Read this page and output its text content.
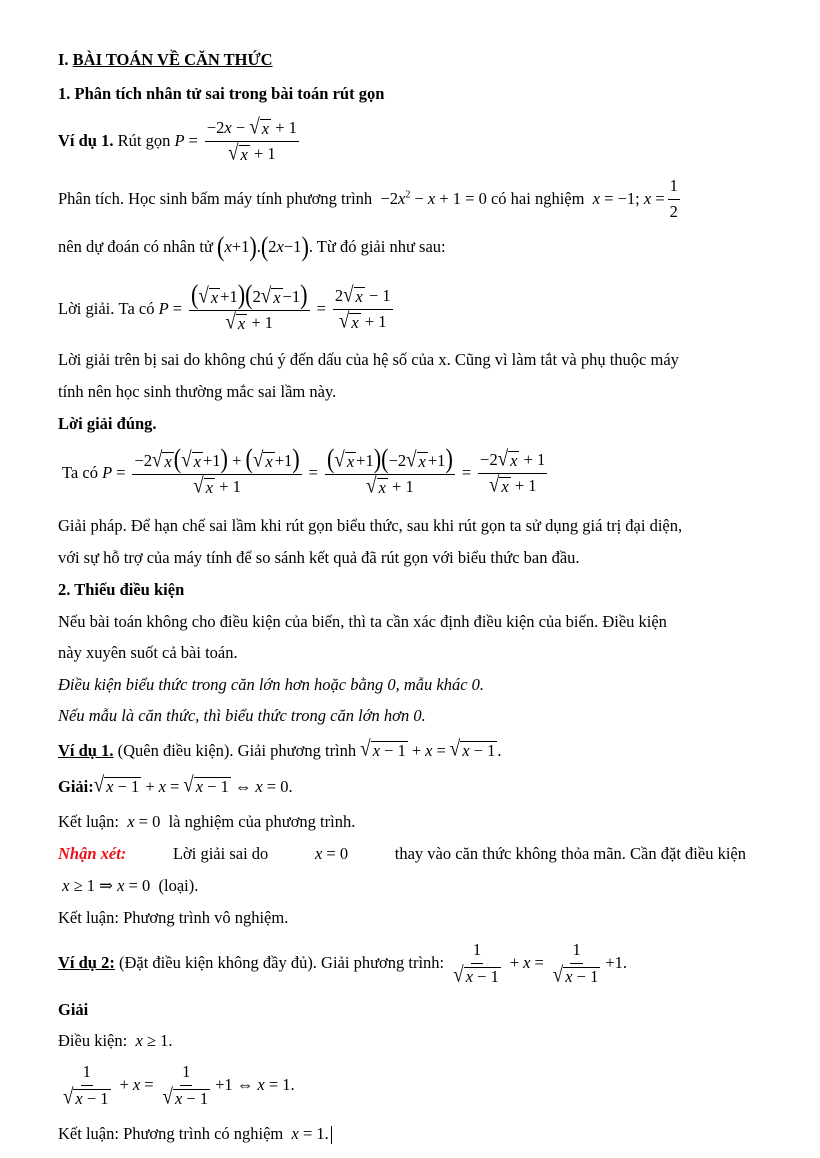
I. BÀI TOÁN VỀ CĂN THỨC
1. Phân tích nhân tử sai trong bài toán rút gọn
Ví dụ 1.
Rút gọn
$P = \frac{-2x - √ x + 1}{√ x + 1}$
Phân tích. Học sinh bấm máy tính phương trình
$-2x^2 - x + 1 = 0$
có hai nghiệm
x = −1; $x = \frac{1}{2}$
nên dự đoán có nhân tử
( x +1 ) . ( 2 x −1 ) . Từ đó giải như sau:
Lời giải.
Ta có
$P = \frac{( √ x +1)(2 √ x -1)}{√ x + 1} = \frac{2 √ x - 1}{√ x + 1}$
Lời giải trên bị sai do không chú ý đến dấu của hệ số của x. Cũng vì làm tắt và phụ thuộc máy
tính nên học sinh thường mắc sai lầm này.
Lời giải đúng.
Ta có
$P = \frac{-2 √ x ( √ x +1) + ( √ x +1)}{√ x + 1} = \frac{( √ x +1)(-2 √ x +1)}{√ x + 1} = \frac{-2 √ x + 1}{√ x + 1}$
Giải pháp. Để hạn chế sai lầm khi rút gọn biểu thức, sau khi rút gọn ta sử dụng giá trị đại diện,
với sự hỗ trợ của máy tính để so sánh kết quả đã rút gọn với biểu thức ban đầu.
2. Thiếu điều kiện
Nếu bài toán không cho điều kiện của biến, thì ta cần xác định điều kiện của biến. Điều kiện
này xuyên suốt cả bài toán.
Điều kiện biểu thức trong căn lớn hơn hoặc bằng 0, mẫu khác 0.
Nếu mẫu là căn thức, thì biểu thức trong căn lớn hơn 0.
Ví dụ 1.
(Quên điều kiện). Giải phương trình
√ x − 1 + x = √ x − 1 .
Giải: √ x − 1 + x = √ x − 1 ⇔ x = 0 .
Kết luận: x = 0  là nghiệm của phương trình.
Nhận xét:	Lời giải sai do	x = 0	thay vào căn thức không thỏa mãn. Cần đặt điều kiện
x ≥ 1 ⇒ x = 0  (loại).
Kết luận: Phương trình vô nghiệm.
Ví dụ 2:
(Đặt điều kiện không đầy đủ). Giải phương trình:
$\frac{1}{√ x - 1} + x = \frac{1}{√ x - 1} +1$ .
Giải
Điều kiện: x ≥ 1.
$\frac{1}{√ x - 1} + x = \frac{1}{√ x - 1} +1$ ⇔ x = 1.
Kết luận: Phương trình có nghiệm x = 1.
